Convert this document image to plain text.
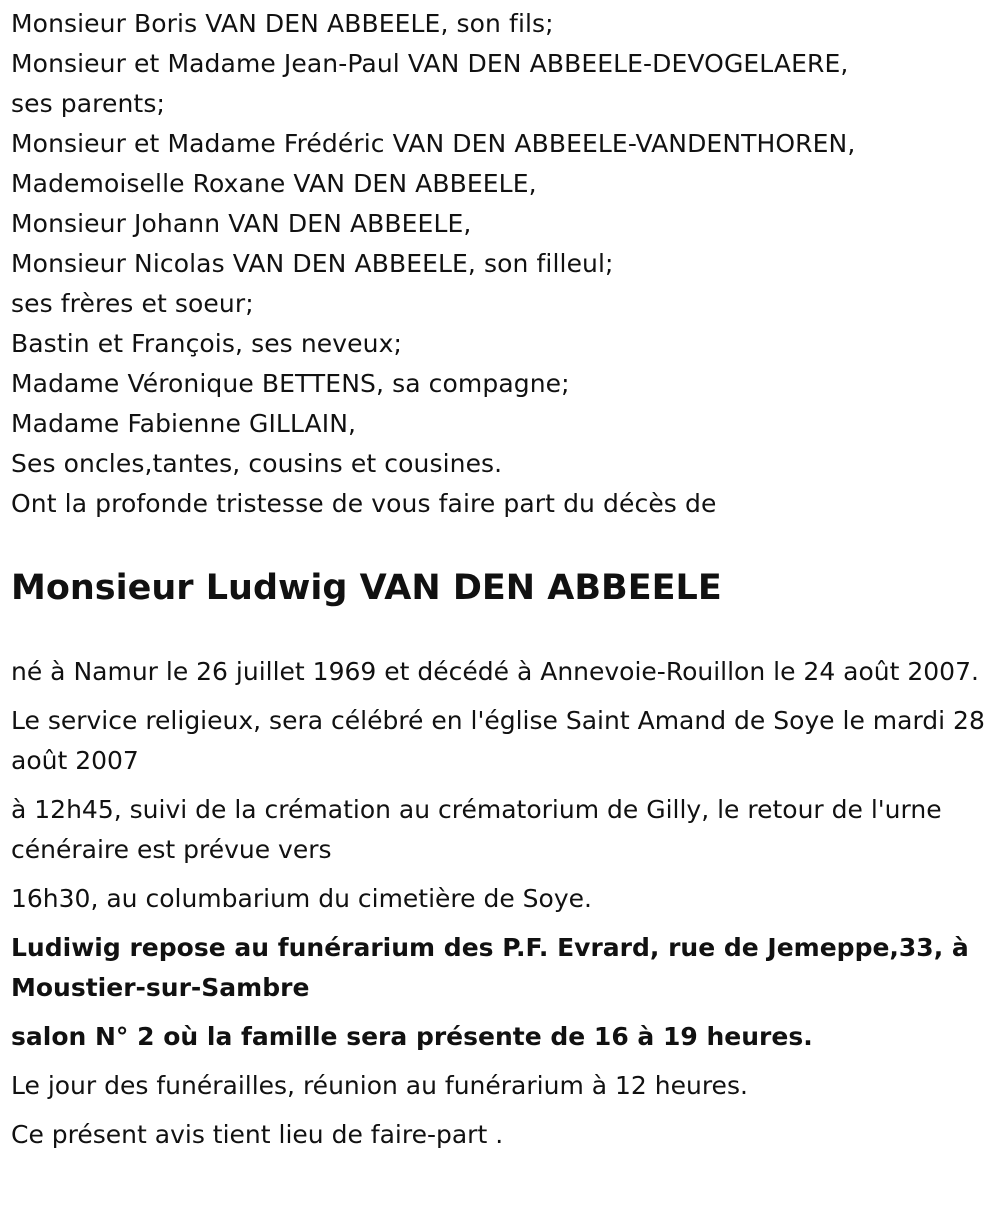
Monsieur Boris VAN DEN ABBEELE, son fils;
Monsieur et Madame Jean-Paul VAN DEN ABBEELE-DEVOGELAERE,
ses parents;
Monsieur et Madame Frédéric VAN DEN ABBEELE-VANDENTHOREN,
Mademoiselle Roxane VAN DEN ABBEELE,
Monsieur Johann VAN DEN ABBEELE,
Monsieur Nicolas VAN DEN ABBEELE, son filleul;
ses frères et soeur;
Bastin et François, ses neveux;
Madame Véronique BETTENS, sa compagne;
Madame Fabienne GILLAIN,
Ses oncles,tantes, cousins et cousines.
Ont la profonde tristesse de vous faire part du décès de
Monsieur Ludwig VAN DEN ABBEELE

né à Namur le 26 juillet 1969 et décédé à Annevoie-Rouillon le 24 août 2007.

Le service religieux, sera célébré en l'église Saint Amand de Soye le mardi 28 août 2007

à 12h45, suivi de la crémation au crématorium de Gilly, le retour de l'urne cénéraire est prévue vers

16h30, au columbarium du cimetière de Soye.

Ludiwig repose au funérarium des P.F. Evrard, rue de Jemeppe,33, à Moustier-sur-Sambre

salon N° 2 où la famille sera présente de 16 à 19 heures.

Le jour des funérailles, réunion au funérarium à 12 heures.

Ce présent avis tient lieu de faire-part .
